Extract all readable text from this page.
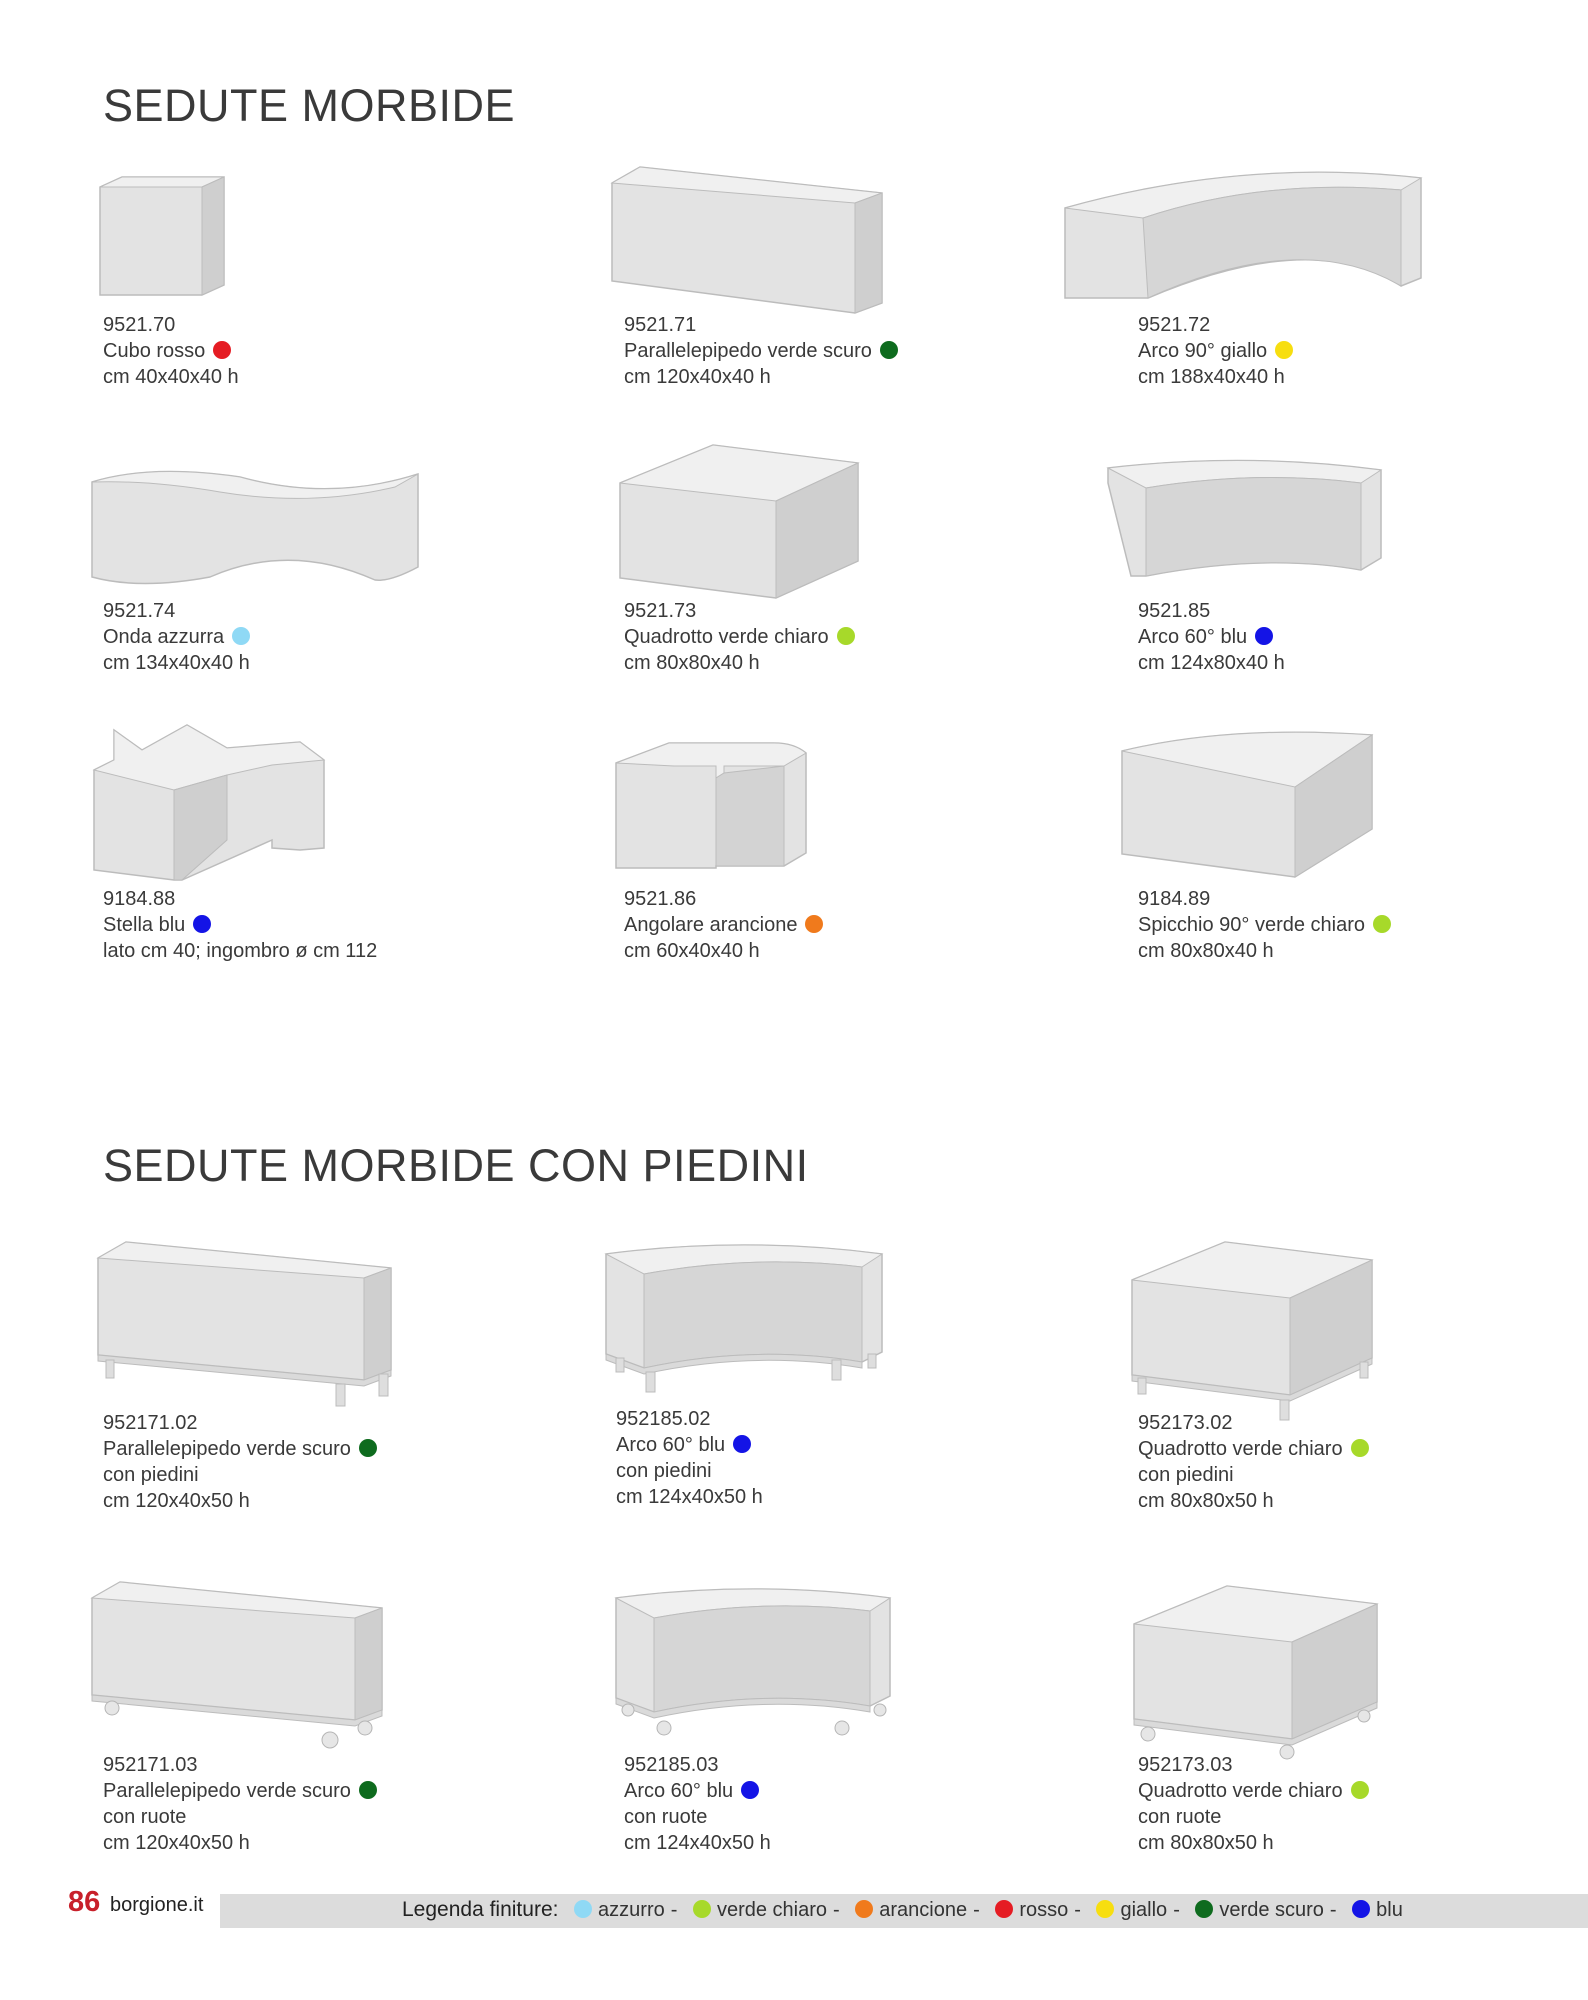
SEDUTE MORBIDE
SEDUTE MORBIDE CON PIEDINI
9521.70
Cubo rosso
cm 40x40x40 h
9521.71
Parallelepipedo verde scuro
cm 120x40x40 h
9521.72
Arco 90° giallo
cm 188x40x40 h
9521.74
Onda azzurra
cm 134x40x40 h
9521.73
Quadrotto verde chiaro
cm 80x80x40 h
9521.85
Arco 60° blu
cm 124x80x40 h
9184.88
Stella blu
lato cm 40; ingombro ø cm 112
9521.86
Angolare arancione
cm 60x40x40 h
9184.89
Spicchio 90° verde chiaro
cm 80x80x40 h
952171.02
Parallelepipedo verde scuro
con piedini
cm 120x40x50 h
952185.02
Arco 60° blu
con piedini
cm 124x40x50 h
952173.02
Quadrotto verde chiaro
con piedini
cm 80x80x50 h
952171.03
Parallelepipedo verde scuro
con ruote
cm 120x40x50 h
952185.03
Arco 60° blu
con ruote
cm 124x40x50 h
952173.03
Quadrotto verde chiaro
con ruote
cm 80x80x50 h
86 borgione.it	Legenda finiture: azzurro - verde chiaro - arancione - rosso - giallo - verde scuro - blu
